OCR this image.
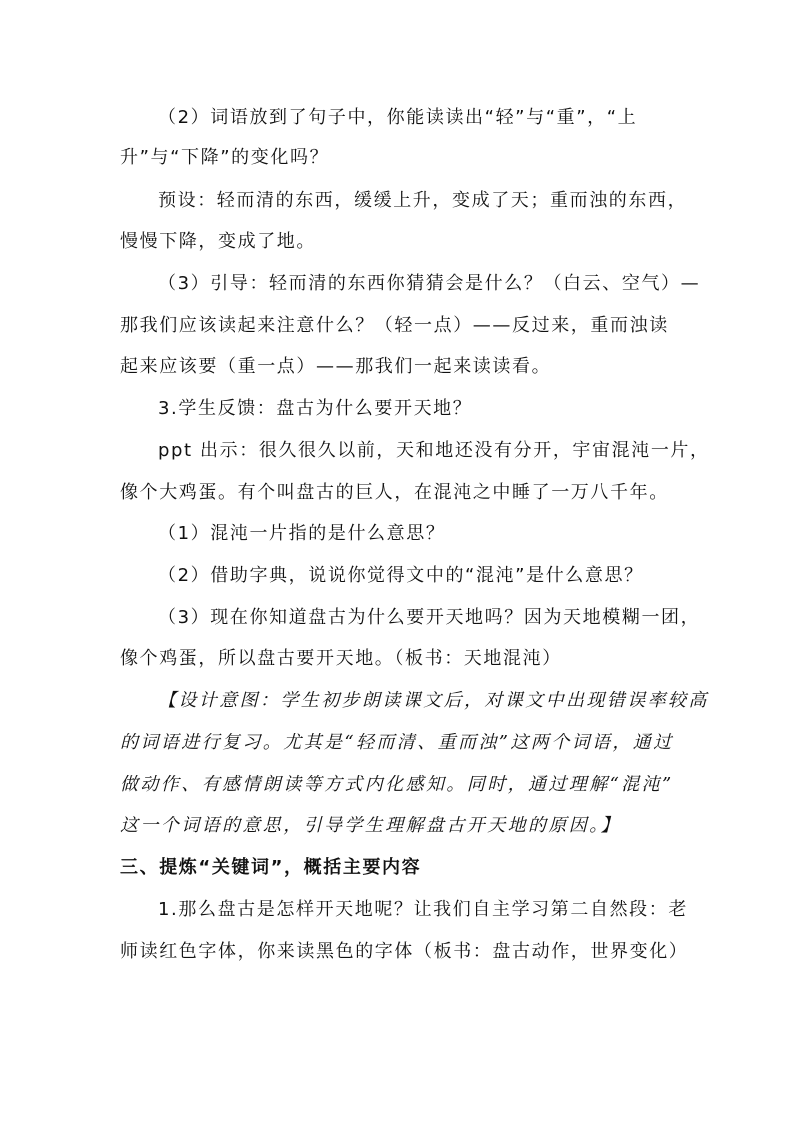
（2）词语放到了句子中，你能读读出“轻”与“重”，“上
升”与“下降”的变化吗？
预设：轻而清的东西，缓缓上升，变成了天；重而浊的东西，
慢慢下降，变成了地。
（3）引导：轻而清的东西你猜猜会是什么？（白云、空气）—
那我们应该读起来注意什么？（轻一点）——反过来，重而浊读
起来应该要（重一点）——那我们一起来读读看。
3.学生反馈：盘古为什么要开天地？
ppt 出示：很久很久以前，天和地还没有分开，宇宙混沌一片，
像个大鸡蛋。有个叫盘古的巨人，在混沌之中睡了一万八千年。
（1）混沌一片指的是什么意思？
（2）借助字典，说说你觉得文中的“混沌”是什么意思？
（3）现在你知道盘古为什么要开天地吗？因为天地模糊一团，
像个鸡蛋，所以盘古要开天地。（板书：天地混沌）
【设计意图：学生初步朗读课文后，对课文中出现错误率较高
的词语进行复习。尤其是“轻而清、重而浊”这两个词语，通过
做动作、有感情朗读等方式内化感知。同时，通过理解“混沌”
这一个词语的意思，引导学生理解盘古开天地的原因。】
三、提炼“关键词”，概括主要内容
1.那么盘古是怎样开天地呢？让我们自主学习第二自然段：老
师读红色字体，你来读黑色的字体（板书：盘古动作，世界变化）
